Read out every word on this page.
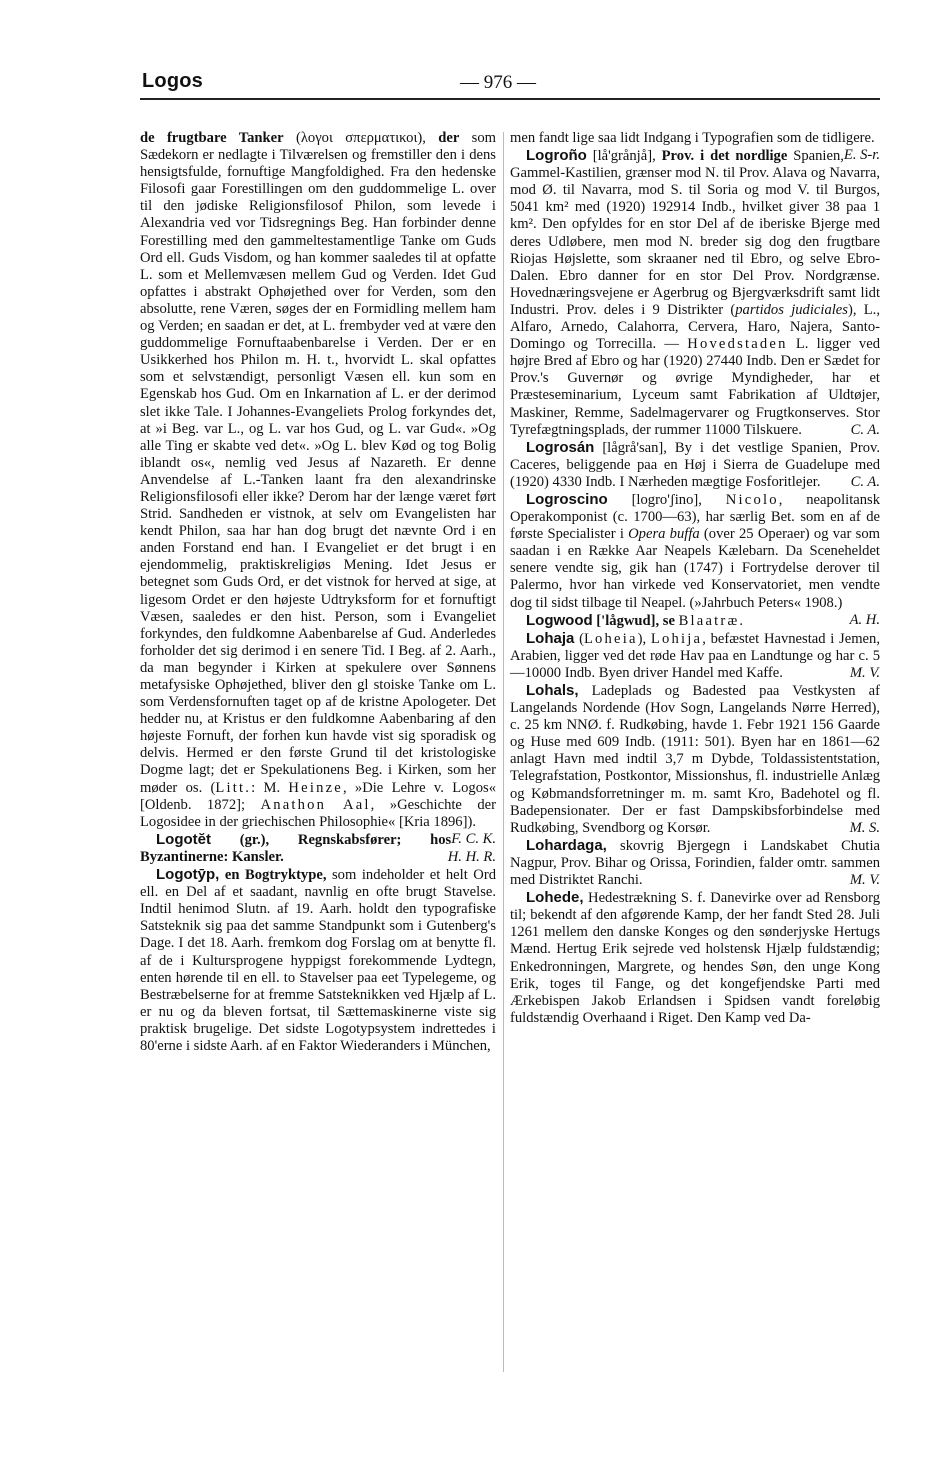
Logos	— 976 —

de frugtbare Tanker (λογοι σπερματικοι), der som Sædekorn er nedlagte i Tilværelsen og fremstiller den i dens hensigtsfulde, fornuftige Mangfoldighed. Fra den hedenske Filosofi gaar Forestillingen om den guddommelige L. over til den jødiske Religionsfilosof Philon, som levede i Alexandria ved vor Tidsregnings Beg. Han forbinder denne Forestilling med den gammeltestamentlige Tanke om Guds Ord ell. Guds Visdom, og han kommer saaledes til at opfatte L. som et Mellemvæsen mellem Gud og Verden. Idet Gud opfattes i abstrakt Ophøjethed over for Verden, som den absolutte, rene Væren, søges der en Formidling mellem ham og Verden; en saadan er det, at L. frembyder ved at være den guddommelige Fornuftaabenbarelse i Verden. Der er en Usikkerhed hos Philon m. H. t., hvorvidt L. skal opfattes som et selvstændigt, personligt Væsen ell. kun som en Egenskab hos Gud. Om en Inkarnation af L. er der derimod slet ikke Tale. I Johannes-Evangeliets Prolog forkyndes det, at »i Beg. var L., og L. var hos Gud, og L. var Gud«. »Og alle Ting er skabte ved det«. »Og L. blev Kød og tog Bolig iblandt os«, nemlig ved Jesus af Nazareth. Er denne Anvendelse af L.-Tanken laant fra den alexandrinske Religionsfilosofi eller ikke? Derom har der længe været ført Strid. Sandheden er vistnok, at selv om Evangelisten har kendt Philon, saa har han dog brugt det nævnte Ord i en anden Forstand end han. I Evangeliet er det brugt i en ejendommelig, praktiskreligiøs Mening. Idet Jesus er betegnet som Guds Ord, er det vistnok for herved at sige, at ligesom Ordet er den højeste Udtryksform for et fornuftigt Væsen, saaledes er den hist. Person, som i Evangeliet forkyndes, den fuldkomne Aabenbarelse af Gud. Anderledes forholder det sig derimod i en senere Tid. I Beg. af 2. Aarh., da man begynder i Kirken at spekulere over Sønnens metafysiske Ophøjethed, bliver den gl stoiske Tanke om L. som Verdensfornuften taget op af de kristne Apologeter. Det hedder nu, at Kristus er den fuldkomne Aabenbaring af den højeste Fornuft, der forhen kun havde vist sig sporadisk og delvis. Hermed er den første Grund til det kristologiske Dogme lagt; det er Spekulationens Beg. i Kirken, som her møder os. (Litt.: M. Heinze, »Die Lehre v. Logos« [Oldenb. 1872]; Anathon Aal, »Geschichte der Logosidee in der griechischen Philosophie« [Kria 1896]).
F. C. K.

Logotĕt (gr.), Regnskabsfører; hos Byzantinerne: Kansler.	H. H. R.

Logotȳp, en Bogtryktype, som indeholder et helt Ord ell. en Del af et saadant, navnlig en ofte brugt Stavelse. Indtil henimod Slutn. af 19. Aarh. holdt den typografiske Satsteknik sig paa det samme Standpunkt som i Gutenberg's Dage. I det 18. Aarh. fremkom dog Forslag om at benytte fl. af de i Kultursprogene hyppigst forekommende Lydtegn, enten hørende til en ell. to Stavelser paa eet Typelegeme, og Bestræbelserne for at fremme Satsteknikken ved Hjælp af L. er nu og da bleven fortsat, til Sættemaskinerne viste sig praktisk brugelige. Det sidste Logotypsystem indrettedes i 80'erne i sidste Aarh. af en Faktor Wiederanders i München,

men fandt lige saa lidt Indgang i Typografien som de tidligere.
E. S-r.

Logroño [lå'grånjå], Prov. i det nordlige Spanien, Gammel-Kastilien, grænser mod N. til Prov. Alava og Navarra, mod Ø. til Navarra, mod S. til Soria og mod V. til Burgos, 5041 km² med (1920) 192914 Indb., hvilket giver 38 paa 1 km². Den opfyldes for en stor Del af de iberiske Bjerge med deres Udløbere, men mod N. breder sig dog den frugtbare Riojas Højslette, som skraaner ned til Ebro, og selve Ebro-Dalen. Ebro danner for en stor Del Prov. Nordgrænse. Hovednæringsvejene er Agerbrug og Bjergværksdrift samt lidt Industri. Prov. deles i 9 Distrikter (partidos judiciales), L., Alfaro, Arnedo, Calahorra, Cervera, Haro, Najera, Santo-Domingo og Torrecilla. — Hovedstaden L. ligger ved højre Bred af Ebro og har (1920) 27440 Indb. Den er Sædet for Prov.'s Guvernør og øvrige Myndigheder, har et Præsteseminarium, Lyceum samt Fabrikation af Uldtøjer, Maskiner, Remme, Sadelmagervarer og Frugtkonserves. Stor Tyrefægtningsplads, der rummer 11000 Tilskuere.	C. A.

Logrosán [lågrå'san], By i det vestlige Spanien, Prov. Caceres, beliggende paa en Høj i Sierra de Guadelupe med (1920) 4330 Indb. I Nærheden mægtige Fosforitlejer.	C. A.

Logroscino [logro'ʃino], Nicolo, neapolitansk Operakomponist (c. 1700—63), har særlig Bet. som en af de første Specialister i Opera buffa (over 25 Operaer) og var som saadan i en Række Aar Neapels Kælebarn. Da Sceneheldet senere vendte sig, gik han (1747) i Fortrydelse derover til Palermo, hvor han virkede ved Konservatoriet, men vendte dog til sidst tilbage til Neapel. (»Jahrbuch Peters« 1908.)
A. H.

Logwood ['lågwud], se Blaatræ.

Lohaja (Loheia), Lohija, befæstet Havnestad i Jemen, Arabien, ligger ved det røde Hav paa en Landtunge og har c. 5—10000 Indb. Byen driver Handel med Kaffe.	M. V.

Lohals, Ladeplads og Badested paa Vestkysten af Langelands Nordende (Hov Sogn, Langelands Nørre Herred), c. 25 km NNØ. f. Rudkøbing, havde 1. Febr 1921 156 Gaarde og Huse med 609 Indb. (1911: 501). Byen har en 1861—62 anlagt Havn med indtil 3,7 m Dybde, Toldassistentstation, Telegrafstation, Postkontor, Missionshus, fl. industrielle Anlæg og Købmandsforretninger m. m. samt Kro, Badehotel og fl. Badepensionater. Der er fast Dampskibsforbindelse med Rudkøbing, Svendborg og Korsør.	M. S.

Lohardaga, skovrig Bjergegn i Landskabet Chutia Nagpur, Prov. Bihar og Orissa, Forindien, falder omtr. sammen med Distriktet Ranchi.	M. V.

Lohede, Hedestrækning S. f. Danevirke over ad Rensborg til; bekendt af den afgørende Kamp, der her fandt Sted 28. Juli 1261 mellem den danske Konges og den sønderjyske Hertugs Mænd. Hertug Erik sejrede ved holstensk Hjælp fuldstændig; Enkedronningen, Margrete, og hendes Søn, den unge Kong Erik, toges til Fange, og det kongefjendske Parti med Ærkebispen Jakob Erlandsen i Spidsen vandt foreløbig fuldstændig Overhaand i Riget. Den Kamp ved Da-
